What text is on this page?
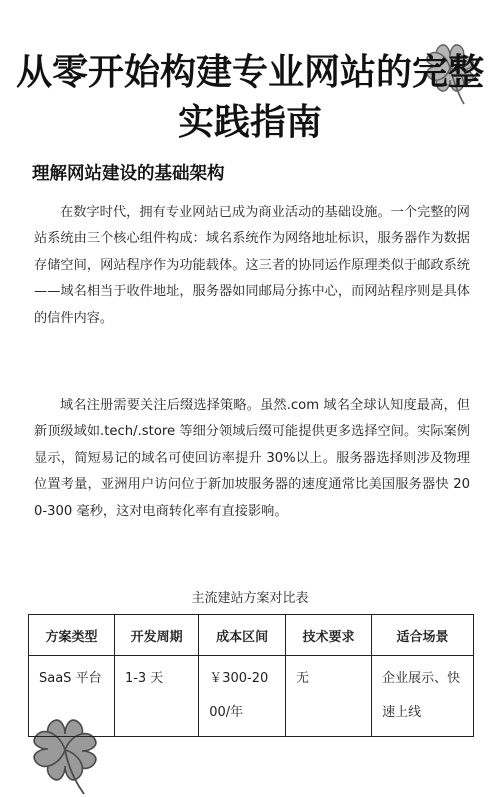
从零开始构建专业网站的完整
实践指南
理解网站建设的基础架构

在数字时代，拥有专业网站已成为商业活动的基础设施。一个完整的网站系统由三个核心组件构成：域名系统作为网络地址标识，服务器作为数据存储空间，网站程序作为功能载体。这三者的协同运作原理类似于邮政系统——域名相当于收件地址，服务器如同邮局分拣中心，而网站程序则是具体的信件内容。

域名注册需要关注后缀选择策略。虽然.com 域名全球认知度最高，但新顶级域如.tech/.store 等细分领域后缀可能提供更多选择空间。实际案例显示，简短易记的域名可使回访率提升 30%以上。服务器选择则涉及物理位置考量，亚洲用户访问位于新加坡服务器的速度通常比美国服务器快 200-300 毫秒，这对电商转化率有直接影响。

主流建站方案对比表
方案类型	开发周期	成本区间	技术要求	适合场景
SaaS 平台	1-3 天	￥300-2000/年	无	企业展示、快速上线
